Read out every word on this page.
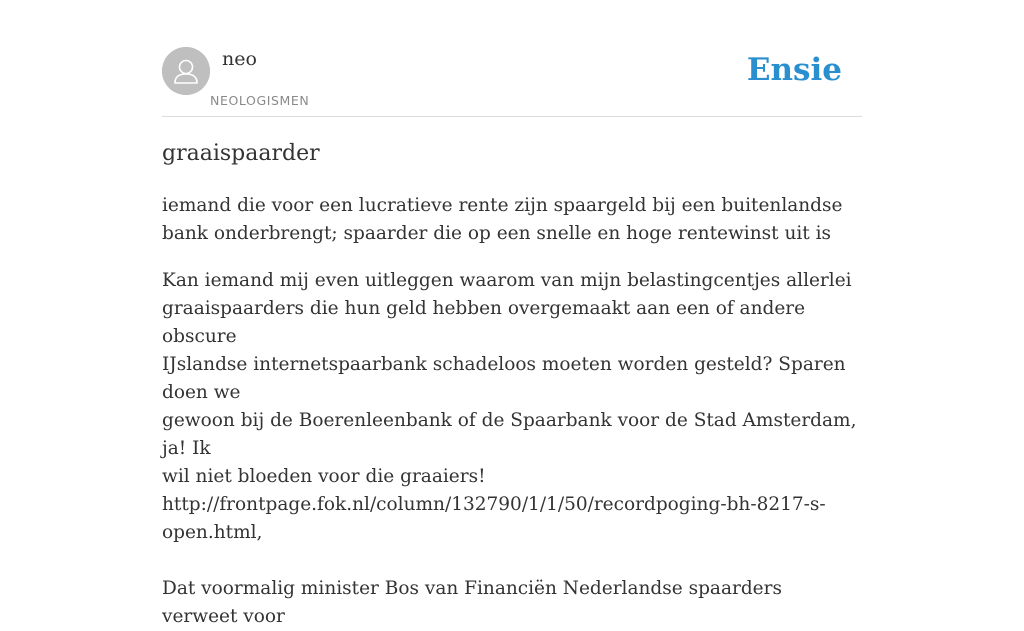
neo
NEOLOGISMEN
Ensie
graaispaarder
iemand die voor een lucratieve rente zijn spaargeld bij een buitenlandse bank onderbrengt; spaarder die op een snelle en hoge rentewinst uit is

Kan iemand mij even uitleggen waarom van mijn belastingcentjes allerlei

graaispaarders die hun geld hebben overgemaakt aan een of andere obscure

IJslandse internetspaarbank schadeloos moeten worden gesteld? Sparen doen we

gewoon bij de Boerenleenbank of de Spaarbank voor de Stad Amsterdam, ja! Ik

wil niet bloeden voor die graaiers!

http://frontpage.fok.nl/column/132790/1/1/50/recordpoging-bh-8217-s-

open.html,

Dat voormalig minister Bos van Financiën Nederlandse spaarders verweet voor
